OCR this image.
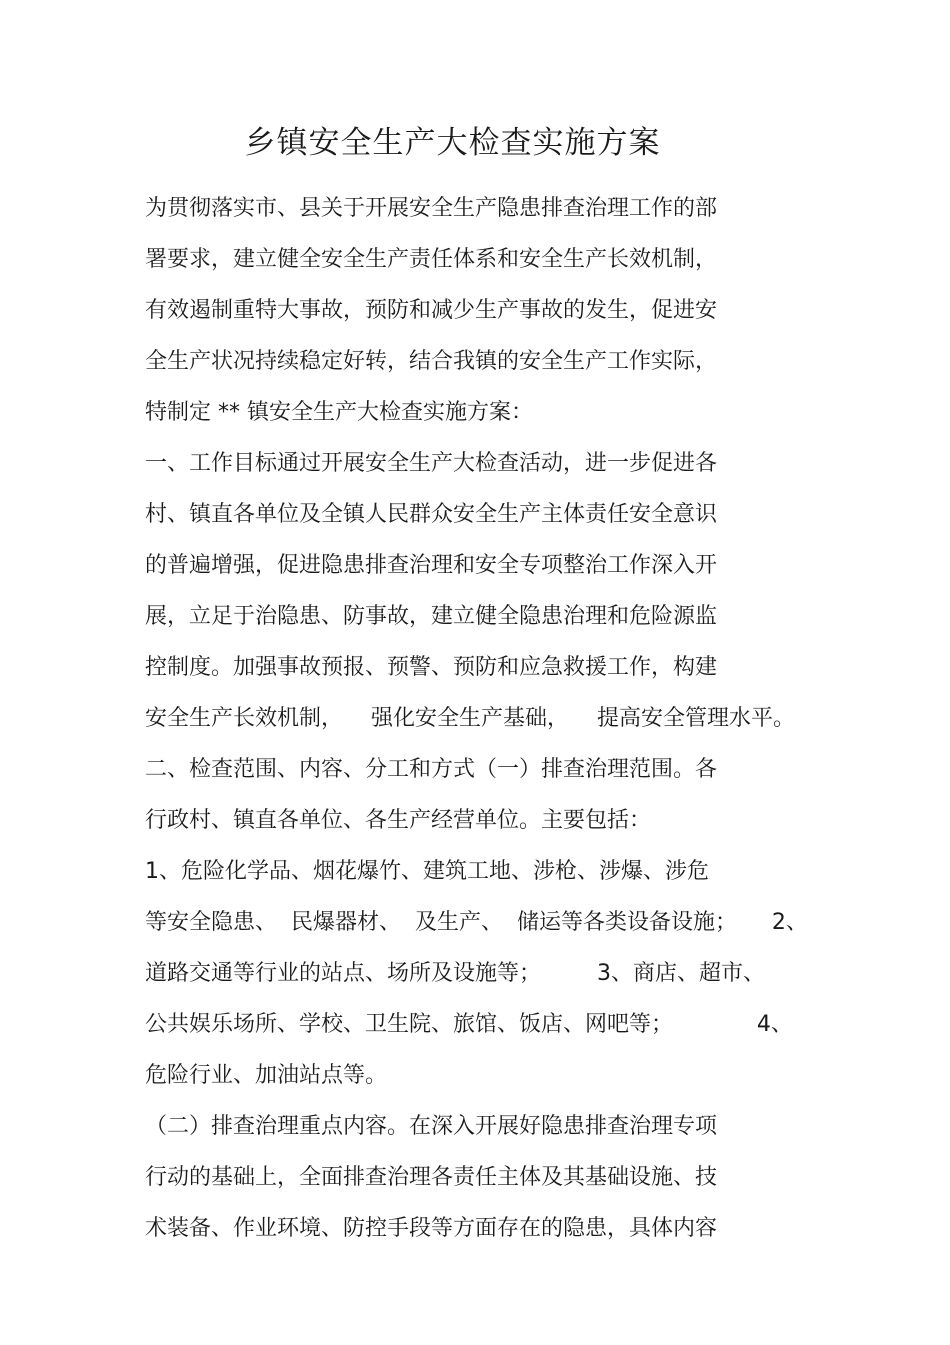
乡镇安全生产大检查实施方案
为贯彻落实市、县关于开展安全生产隐患排查治理工作的部
署要求，建立健全安全生产责任体系和安全生产长效机制，
有效遏制重特大事故，预防和减少生产事故的发生，促进安
全生产状况持续稳定好转，结合我镇的安全生产工作实际，
特制定 ** 镇安全生产大检查实施方案：
一、工作目标通过开展安全生产大检查活动，进一步促进各
村、镇直各单位及全镇人民群众安全生产主体责任安全意识
的普遍增强，促进隐患排查治理和安全专项整治工作深入开
展，立足于治隐患、防事故，建立健全隐患治理和危险源监
控制度。加强事故预报、预警、预防和应急救援工作，构建
安全生产长效机制，    强化安全生产基础，    提高安全管理水平。
二、检查范围、内容、分工和方式（一）排查治理范围。各
行政村、镇直各单位、各生产经营单位。主要包括：
1、危险化学品、烟花爆竹、建筑工地、涉枪、涉爆、涉危
等安全隐患、  民爆器材、  及生产、  储运等各类设备设施；     2、
道路交通等行业的站点、场所及设施等；        3、商店、超市、
公共娱乐场所、学校、卫生院、旅馆、饭店、网吧等；            4、
危险行业、加油站点等。
（二）排查治理重点内容。在深入开展好隐患排查治理专项
行动的基础上，全面排查治理各责任主体及其基础设施、技
术装备、作业环境、防控手段等方面存在的隐患，具体内容
